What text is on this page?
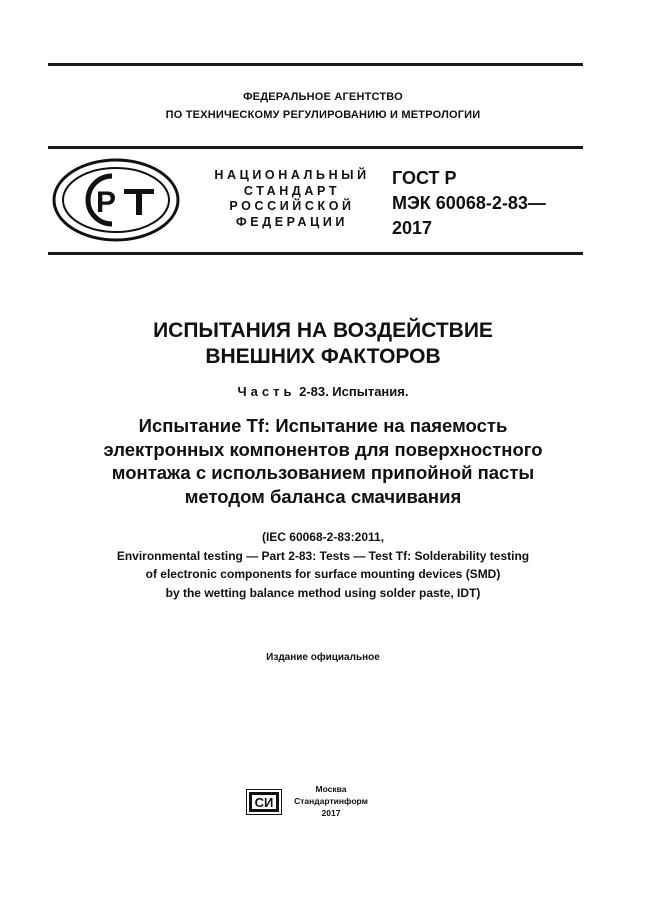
ФЕДЕРАЛЬНОЕ АГЕНТСТВО
ПО ТЕХНИЧЕСКОМУ РЕГУЛИРОВАНИЮ И МЕТРОЛОГИИ
Р
НАЦИОНАЛЬНЫЙ
СТАНДАРТ
РОССИЙСКОЙ
ФЕДЕРАЦИИ
ГОСТ Р
МЭК 60068-2-83—
2017
ИСПЫТАНИЯ НА ВОЗДЕЙСТВИЕ
ВНЕШНИХ ФАКТОРОВ
Часть 2-83. Испытания.
Испытание Tf: Испытание на паяемость
электронных компонентов для поверхностного
монтажа с использованием припойной пасты
методом баланса смачивания
(IEC 60068-2-83:2011,
Environmental testing — Part 2-83: Tests — Test Tf: Solderability testing
of electronic components for surface mounting devices (SMD)
by the wetting balance method using solder paste, IDT)
Издание официальное
СИ
Москва
Стандартинформ
2017
